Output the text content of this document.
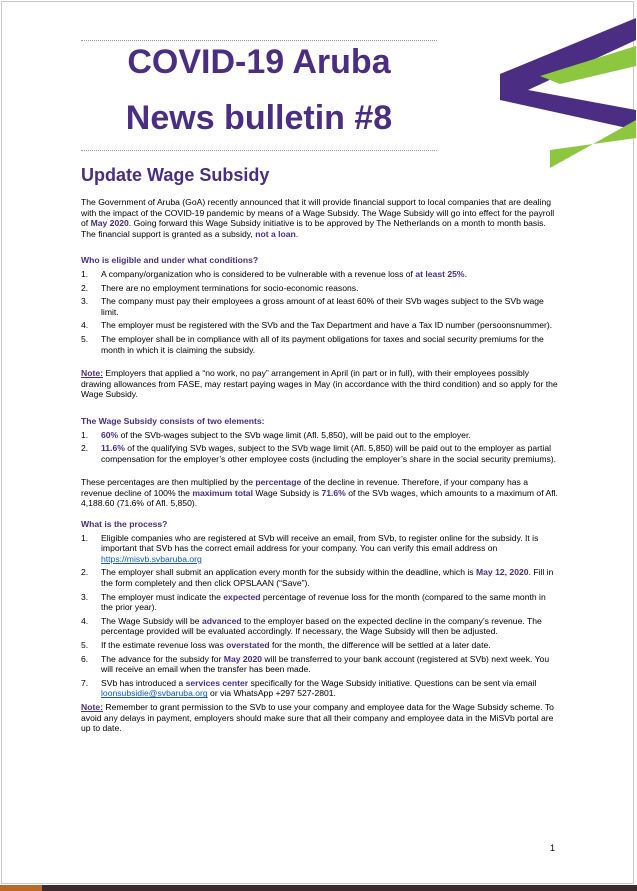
COVID-19 Aruba
News bulletin #8
Update Wage Subsidy

The Government of Aruba (GoA) recently announced that it will provide financial support to local companies that are dealing with the impact of the COVID-19 pandemic by means of a Wage Subsidy. The Wage Subsidy will go into effect for the payroll of May 2020. Going forward this Wage Subsidy initiative is to be approved by The Netherlands on a month to month basis. The financial support is granted as a subsidy, not a loan.

Who is eligible and under what conditions?

1. A company/organization who is considered to be vulnerable with a revenue loss of at least 25%.
2. There are no employment terminations for socio-economic reasons.
3. The company must pay their employees a gross amount of at least 60% of their SVb wages subject to the SVb wage limit.
4. The employer must be registered with the SVb and the Tax Department and have a Tax ID number (persoonsnummer).
5. The employer shall be in compliance with all of its payment obligations for taxes and social security premiums for the month in which it is claiming the subsidy.

Note: Employers that applied a “no work, no pay” arrangement in April (in part or in full), with their employees possibly drawing allowances from FASE, may restart paying wages in May (in accordance with the third condition) and so apply for the Wage Subsidy.

The Wage Subsidy consists of two elements:

1. 60% of the SVb-wages subject to the SVb wage limit (Afl. 5,850), will be paid out to the employer.
2. 11.6% of the qualifying SVb wages, subject to the SVb wage limit (Afl. 5,850) will be paid out to the employer as partial compensation for the employer’s other employee costs (including the employer’s share in the social security premiums).

These percentages are then multiplied by the percentage of the decline in revenue. Therefore, if your company has a revenue decline of 100% the maximum total Wage Subsidy is 71.6% of the SVb wages, which amounts to a maximum of Afl. 4,188.60 (71.6% of Afl. 5,850).

What is the process?

1. Eligible companies who are registered at SVb will receive an email, from SVb, to register online for the subsidy. It is important that SVb has the correct email address for your company. You can verify this email address on https://misvb.svbaruba.org
2. The employer shall submit an application every month for the subsidy within the deadline, which is May 12, 2020. Fill in the form completely and then click OPSLAAN (“Save”).
3. The employer must indicate the expected percentage of revenue loss for the month (compared to the same month in the prior year).
4. The Wage Subsidy will be advanced to the employer based on the expected decline in the company’s revenue. The percentage provided will be evaluated accordingly. If necessary, the Wage Subsidy will then be adjusted.
5. If the estimate revenue loss was overstated for the month, the difference will be settled at a later date.
6. The advance for the subsidy for May 2020 will be transferred to your bank account (registered at SVb) next week. You will receive an email when the transfer has been made.
7. SVb has introduced a services center specifically for the Wage Subsidy initiative. Questions can be sent via email loonsubsidie@svbaruba.org or via WhatsApp +297 527-2801.

Note: Remember to grant permission to the SVb to use your company and employee data for the Wage Subsidy scheme. To avoid any delays in payment, employers should make sure that all their company and employee data in the MiSVb portal are up to date.

1
